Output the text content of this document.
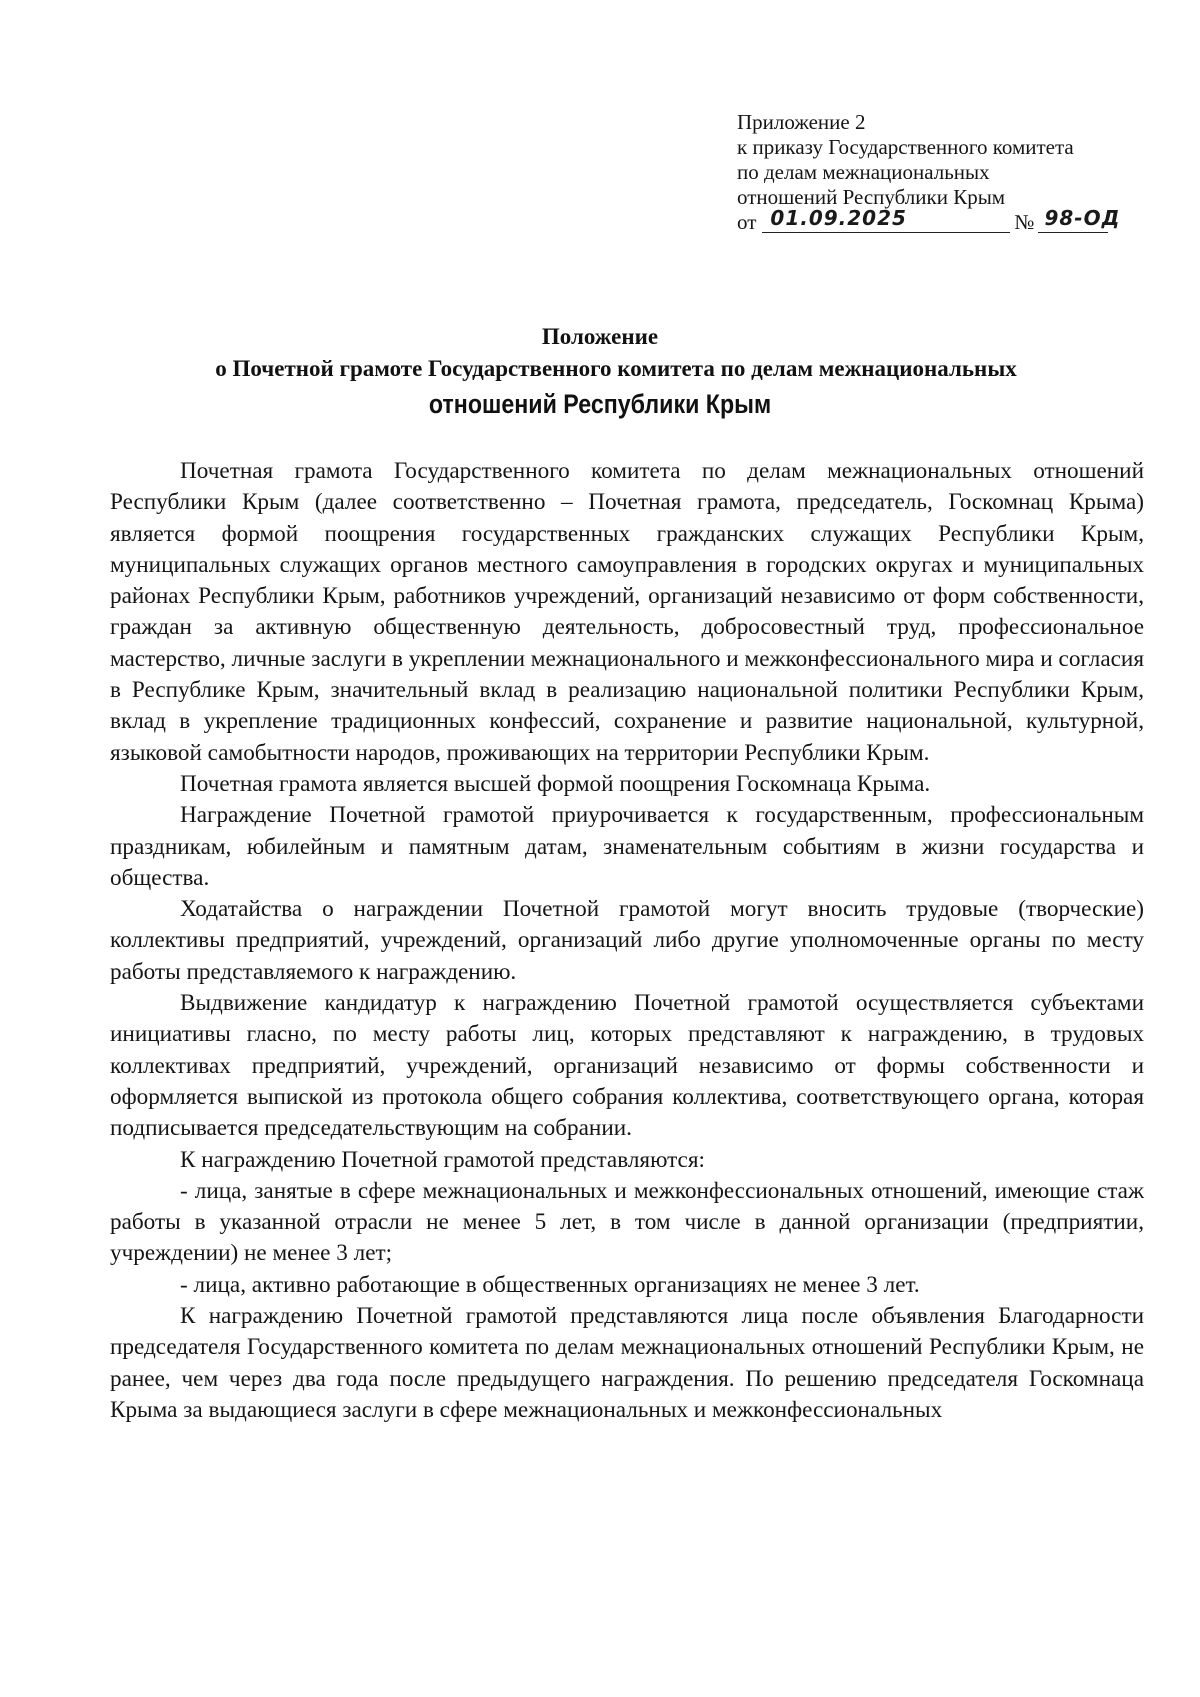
Приложение 2
к приказу Государственного комитета
по делам межнациональных
отношений Республики Крым
от 01.09.2025	№ 98-ОД
Положение
о Почетной грамоте Государственного комитета по делам межнациональных
отношений Республики Крым

Почетная грамота Государственного комитета по делам межнациональных отношений Республики Крым (далее соответственно – Почетная грамота, председатель, Госкомнац Крыма) является формой поощрения государственных гражданских служащих Республики Крым, муниципальных служащих органов местного самоуправления в городских округах и муниципальных районах Республики Крым, работников учреждений, организаций независимо от форм собственности, граждан за активную общественную деятельность, добросовестный труд, профессиональное мастерство, личные заслуги в укреплении межнационального и межконфессионального мира и согласия в Республике Крым, значительный вклад в реализацию национальной политики Республики Крым, вклад в укрепление традиционных конфессий, сохранение и развитие национальной, культурной, языковой самобытности народов, проживающих на территории Республики Крым.

Почетная грамота является высшей формой поощрения Госкомнаца Крыма.

Награждение Почетной грамотой приурочивается к государственным, профессиональным праздникам, юбилейным и памятным датам, знаменательным событиям в жизни государства и общества.

Ходатайства о награждении Почетной грамотой могут вносить трудовые (творческие) коллективы предприятий, учреждений, организаций либо другие уполномоченные органы по месту работы представляемого к награждению.

Выдвижение кандидатур к награждению Почетной грамотой осуществляется субъектами инициативы гласно, по месту работы лиц, которых представляют к награждению, в трудовых коллективах предприятий, учреждений, организаций независимо от формы собственности и оформляется выпиской из протокола общего собрания коллектива, соответствующего органа, которая подписывается председательствующим на собрании.

К награждению Почетной грамотой представляются:

- лица, занятые в сфере межнациональных и межконфессиональных отношений, имеющие стаж работы в указанной отрасли не менее 5 лет, в том числе в данной организации (предприятии, учреждении) не менее 3 лет;

- лица, активно работающие в общественных организациях не менее 3 лет.

К награждению Почетной грамотой представляются лица после объявления Благодарности председателя Государственного комитета по делам межнациональных отношений Республики Крым, не ранее, чем через два года после предыдущего награждения. По решению председателя Госкомнаца Крыма за выдающиеся заслуги в сфере межнациональных и межконфессиональных
